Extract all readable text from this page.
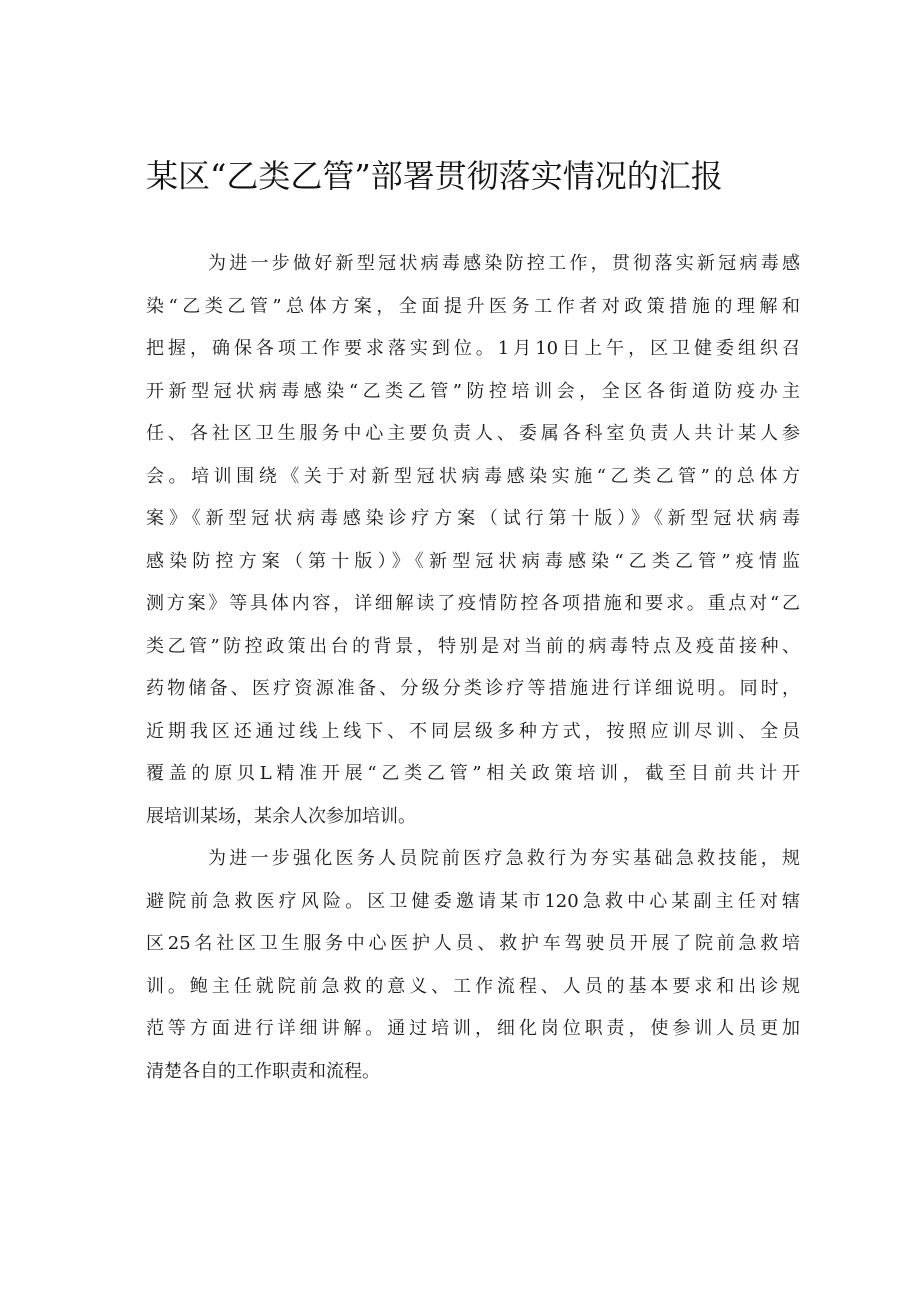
某区“乙类乙管”部署贯彻落实情况的汇报
为进一步做好新型冠状病毒感染防控工作，贯彻落实新冠病毒感
染“乙类乙管”总体方案，全面提升医务工作者对政策措施的理解和
把握，确保各项工作要求落实到位。1月10日上午，区卫健委组织召
开新型冠状病毒感染“乙类乙管”防控培训会，全区各街道防疫办主
任、各社区卫生服务中心主要负责人、委属各科室负责人共计某人参
会。培训围绕《关于对新型冠状病毒感染实施“乙类乙管”的总体方
案》《新型冠状病毒感染诊疗方案（试行第十版）》《新型冠状病毒
感染防控方案（第十版）》《新型冠状病毒感染“乙类乙管”疫情监
测方案》等具体内容，详细解读了疫情防控各项措施和要求。重点对“乙
类乙管”防控政策出台的背景，特别是对当前的病毒特点及疫苗接种、
药物储备、医疗资源准备、分级分类诊疗等措施进行详细说明。同时，
近期我区还通过线上线下、不同层级多种方式，按照应训尽训、全员
覆盖的原贝L精准开展“乙类乙管”相关政策培训，截至目前共计开
展培训某场，某余人次参加培训。
为进一步强化医务人员院前医疗急救行为夯实基础急救技能，规
避院前急救医疗风险。区卫健委邀请某市120急救中心某副主任对辖
区25名社区卫生服务中心医护人员、救护车驾驶员开展了院前急救培
训。鲍主任就院前急救的意义、工作流程、人员的基本要求和出诊规
范等方面进行详细讲解。通过培训，细化岗位职责，使参训人员更加
清楚各自的工作职责和流程。
